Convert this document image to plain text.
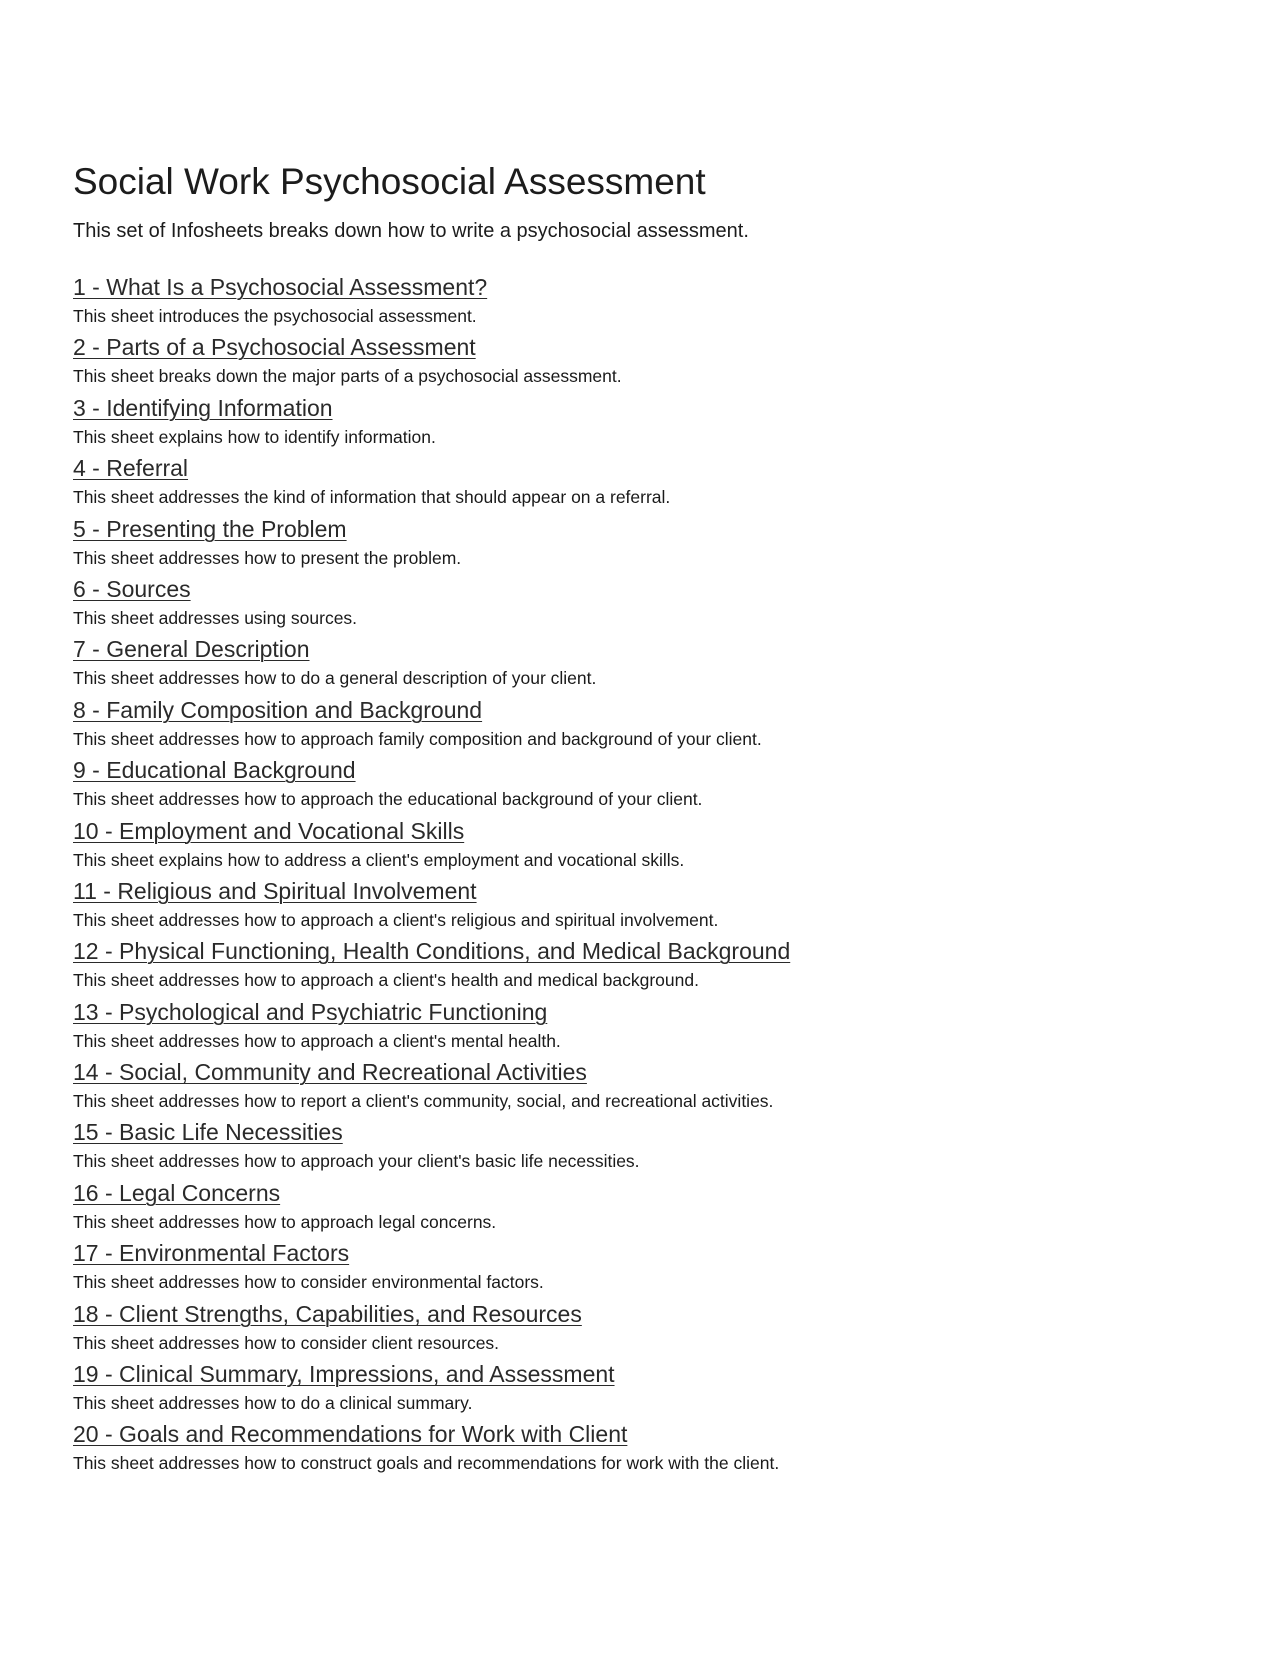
Social Work Psychosocial Assessment

This set of Infosheets breaks down how to write a psychosocial assessment.

1 - What Is a Psychosocial Assessment?

This sheet introduces the psychosocial assessment.

2 - Parts of a Psychosocial Assessment

This sheet breaks down the major parts of a psychosocial assessment.

3 - Identifying Information

This sheet explains how to identify information.

4 - Referral

This sheet addresses the kind of information that should appear on a referral.

5 - Presenting the Problem

This sheet addresses how to present the problem.

6 - Sources

This sheet addresses using sources.

7 - General Description

This sheet addresses how to do a general description of your client.

8 - Family Composition and Background

This sheet addresses how to approach family composition and background of your client.

9 - Educational Background

This sheet addresses how to approach the educational background of your client.

10 - Employment and Vocational Skills

This sheet explains how to address a client's employment and vocational skills.

11 - Religious and Spiritual Involvement

This sheet addresses how to approach a client's religious and spiritual involvement.

12 - Physical Functioning, Health Conditions, and Medical Background

This sheet addresses how to approach a client's health and medical background.

13 - Psychological and Psychiatric Functioning

This sheet addresses how to approach a client's mental health.

14 - Social, Community and Recreational Activities

This sheet addresses how to report a client's community, social, and recreational activities.

15 - Basic Life Necessities

This sheet addresses how to approach your client's basic life necessities.

16 - Legal Concerns

This sheet addresses how to approach legal concerns.

17 - Environmental Factors

This sheet addresses how to consider environmental factors.

18 - Client Strengths, Capabilities, and Resources

This sheet addresses how to consider client resources.

19 - Clinical Summary, Impressions, and Assessment

This sheet addresses how to do a clinical summary.

20 - Goals and Recommendations for Work with Client

This sheet addresses how to construct goals and recommendations for work with the client.
